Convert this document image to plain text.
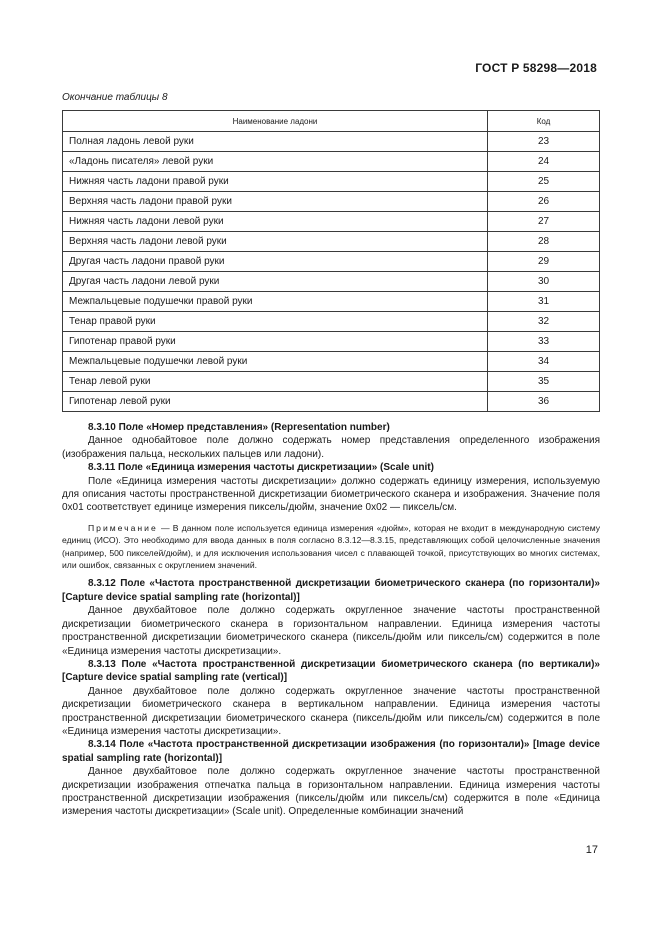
ГОСТ Р 58298—2018
Окончание таблицы 8
Наименование ладони	Код
Полная ладонь левой руки	23
«Ладонь писателя» левой руки	24
Нижняя часть ладони правой руки	25
Верхняя часть ладони правой руки	26
Нижняя часть ладони левой руки	27
Верхняя часть ладони левой руки	28
Другая часть ладони правой руки	29
Другая часть ладони левой руки	30
Межпальцевые подушечки правой руки	31
Тенар правой руки	32
Гипотенар правой руки	33
Межпальцевые подушечки левой руки	34
Тенар левой руки	35
Гипотенар левой руки	36

8.3.10 Поле «Номер представления» (Representation number)

Данное однобайтовое поле должно содержать номер представления определенного изображения (изображения пальца, нескольких пальцев или ладони).

8.3.11 Поле «Единица измерения частоты дискретизации» (Scale unit)

Поле «Единица измерения частоты дискретизации» должно содержать единицу измерения, используемую для описания частоты пространственной дискретизации биометрического сканера и изображения. Значение поля 0x01 соответствует единице измерения пиксель/дюйм, значение 0x02 — пиксель/см.

Примечание — В данном поле используется единица измерения «дюйм», которая не входит в международную систему единиц (ИСО). Это необходимо для ввода данных в поля согласно 8.3.12—8.3.15, представляющих собой целочисленные значения (например, 500 пикселей/дюйм), и для исключения использования чисел с плавающей точкой, присутствующих во многих системах, или ошибок, связанных с округлением значений.

8.3.12 Поле «Частота пространственной дискретизации биометрического сканера (по горизонтали)» [Capture device spatial sampling rate (horizontal)]

Данное двухбайтовое поле должно содержать округленное значение частоты пространственной дискретизации биометрического сканера в горизонтальном направлении. Единица измерения частоты пространственной дискретизации биометрического сканера (пиксель/дюйм или пиксель/см) содержится в поле «Единица измерения частоты дискретизации».

8.3.13 Поле «Частота пространственной дискретизации биометрического сканера (по вертикали)» [Capture device spatial sampling rate (vertical)]

Данное двухбайтовое поле должно содержать округленное значение частоты пространственной дискретизации биометрического сканера в вертикальном направлении. Единица измерения частоты пространственной дискретизации биометрического сканера (пиксель/дюйм или пиксель/см) содержится в поле «Единица измерения частоты дискретизации».

8.3.14 Поле «Частота пространственной дискретизации изображения (по горизонтали)» [Image device spatial sampling rate (horizontal)]

Данное двухбайтовое поле должно содержать округленное значение частоты пространственной дискретизации изображения отпечатка пальца в горизонтальном направлении. Единица измерения частоты пространственной дискретизации изображения (пиксель/дюйм или пиксель/см) содержится в поле «Единица измерения частоты дискретизации» (Scale unit). Определенные комбинации значений

17
